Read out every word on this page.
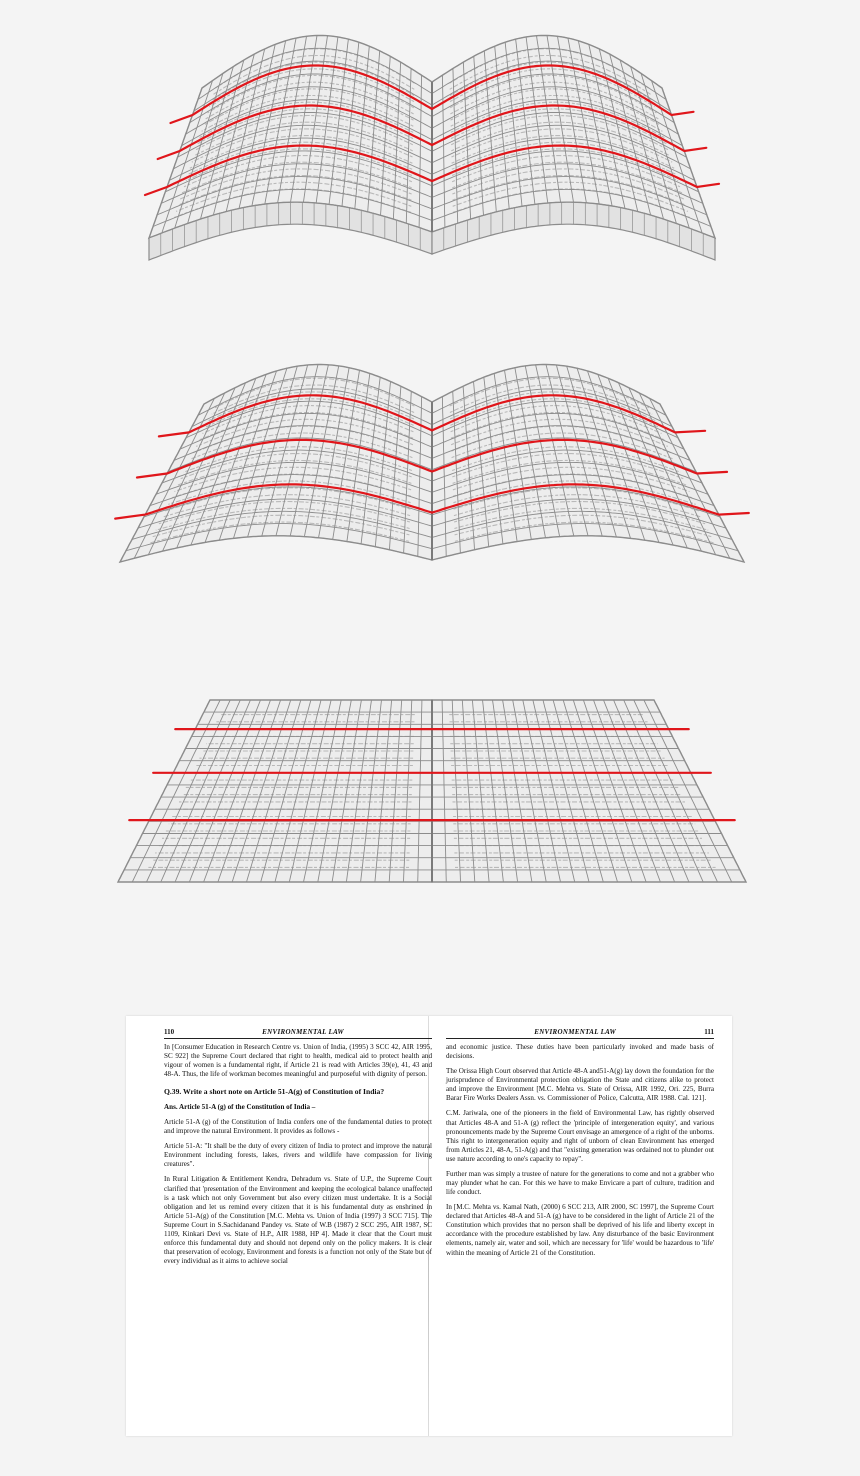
110	ENVIRONMENTAL LAW

In [Consumer Education in Research Centre vs. Union of India, (1995) 3 SCC 42, AIR 1995, SC 922] the Supreme Court declared that right to health, medical aid to protect health and vigour of women is a fundamental right, if Article 21 is read with Articles 39(e), 41, 43 and 48-A. Thus, the life of workman becomes meaningful and purposeful with dignity of person.

Q.39. Write a short note on Article 51-A(g) of Constitution of India?

Ans. Article 51-A (g) of the Constitution of India –

Article 51-A (g) of the Constitution of India confers one of the fundamental duties to protect and improve the natural Environment. It provides as follows -

Article 51-A: "It shall be the duty of every citizen of India to protect and improve the natural Environment including forests, lakes, rivers and wildlife have compassion for living creatures".

In Rural Litigation & Entitlement Kendra, Dehradum vs. State of U.P., the Supreme Court clarified that 'presentation of the Environment and keeping the ecological balance unaffected is a task which not only Government but also every citizen must undertake. It is a Social obligation and let us remind every citizen that it is his fundamental duty as enshrined in Article 51-A(g) of the Constitution [M.C. Mehta vs. Union of India (1997) 3 SCC 715]. The Supreme Court in S.Sachidanand Pandey vs. State of W.B (1987) 2 SCC 295, AIR 1987, SC 1109, Kinkari Devi vs. State of H.P., AIR 1988, HP 4]. Made it clear that the Court must enforce this fundamental duty and should not depend only on the policy makers. It is clear that preservation of ecology, Environment and forests is a function not only of the State but of every individual as it aims to achieve social

ENVIRONMENTAL LAW	111

and economic justice. These duties have been particularly invoked and made basis of decisions.

The Orissa High Court observed that Article 48-A and51-A(g) lay down the foundation for the jurisprudence of Environmental protection obligation the State and citizens alike to protect and improve the Environment [M.C. Mehta vs. State of Orissa, AIR 1992, Ori. 225, Burra Barar Fire Works Dealers Assn. vs. Commissioner of Police, Calcutta, AIR 1988. Cal. 121].

C.M. Jariwala, one of the pioneers in the field of Environmental Law, has rightly observed that Articles 48-A and 51-A (g) reflect the 'principle of intergeneration equity', and various pronouncements made by the Supreme Court envisage an amergence of a right of the unborns. This right to intergeneration equity and right of unborn of clean Environment has emerged from Articles 21, 48-A, 51-A(g) and that "existing generation was ordained not to plunder out use nature according to one's capacity to repay".

Further man was simply a trustee of nature for the generations to come and not a grabber who may plunder what he can. For this we have to make Envicare a part of culture, tradition and life conduct.

In [M.C. Mehta vs. Kamal Nath, (2000) 6 SCC 213, AIR 2000, SC 1997], the Supreme Court declared that Articles 48-A and 51-A (g) have to be considered in the light of Article 21 of the Constitution which provides that no person shall be deprived of his life and liberty except in accordance with the procedure established by law. Any disturbance of the basic Environment elements, namely air, water and soil, which are necessary for 'life' would be hazardous to 'life' within the meaning of Article 21 of the Constitution.
